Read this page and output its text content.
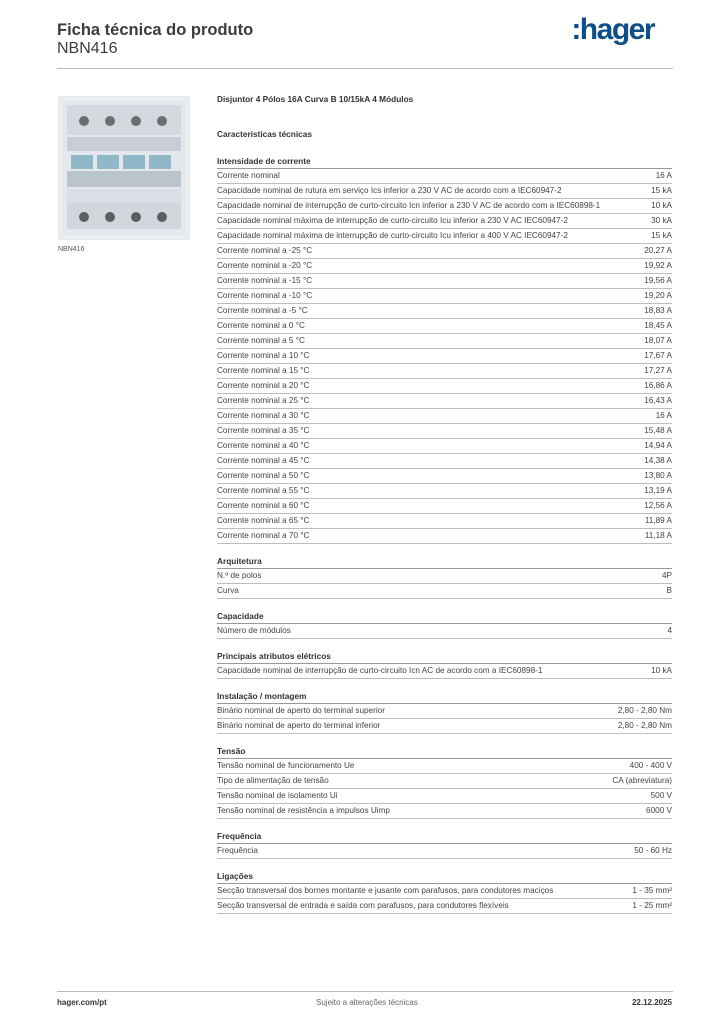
Ficha técnica do produto
NBN416
:hager
NBN416
Disjuntor 4 Pólos 16A Curva B 10/15kA 4 Módulos
Características técnicas
Intensidade de corrente
Corrente nominal	16 A
Capacidade nominal de rutura em serviço Ics inferior a 230 V AC de acordo com a IEC60947-2	15 kA
Capacidade nominal de interrupção de curto-circuito Icn inferior a 230 V AC de acordo com a IEC60898-1	10 kA
Capacidade nominal máxima de interrupção de curto-circuito Icu inferior a 230 V AC IEC60947-2	30 kA
Capacidade nominal máxima de interrupção de curto-circuito Icu inferior a 400 V AC IEC60947-2	15 kA
Corrente nominal a -25 °C	20,27 A
Corrente nominal a -20 °C	19,92 A
Corrente nominal a -15 °C	19,56 A
Corrente nominal a -10 °C	19,20 A
Corrente nominal a -5 °C	18,83 A
Corrente nominal a 0 °C	18,45 A
Corrente nominal a 5 °C	18,07 A
Corrente nominal a 10 °C	17,67 A
Corrente nominal a 15 °C	17,27 A
Corrente nominal a 20 °C	16,86 A
Corrente nominal a 25 °C	16,43 A
Corrente nominal a 30 °C	16 A
Corrente nominal a 35 °C	15,48 A
Corrente nominal a 40 °C	14,94 A
Corrente nominal a 45 °C	14,38 A
Corrente nominal a 50 °C	13,80 A
Corrente nominal a 55 °C	13,19 A
Corrente nominal a 60 °C	12,56 A
Corrente nominal a 65 °C	11,89 A
Corrente nominal a 70 °C	11,18 A
Arquitetura
N.º de polos	4P
Curva	B
Capacidade
Número de módulos	4
Principais atributos elétricos
Capacidade nominal de interrupção de curto-circuito Icn AC de acordo com a IEC60898-1	10 kA
Instalação / montagem
Binário nominal de aperto do terminal superior	2,80 - 2,80 Nm
Binário nominal de aperto do terminal inferior	2,80 - 2,80 Nm
Tensão
Tensão nominal de funcionamento Ue	400 - 400 V
Tipo de alimentação de tensão	CA (abreviatura)
Tensão nominal de isolamento Ui	500 V
Tensão nominal de resistência a impulsos Uimp	6000 V
Frequência
Frequência	50 - 60 Hz
Ligações
Secção transversal dos bornes montante e jusante com parafusos, para condutores maciços	1 - 35 mm²
Secção transversal de entrada e saída com parafusos, para condutores flexíveis	1 - 25 mm²
hager.com/pt	Sujeito a alterações técnicas	22.12.2025
